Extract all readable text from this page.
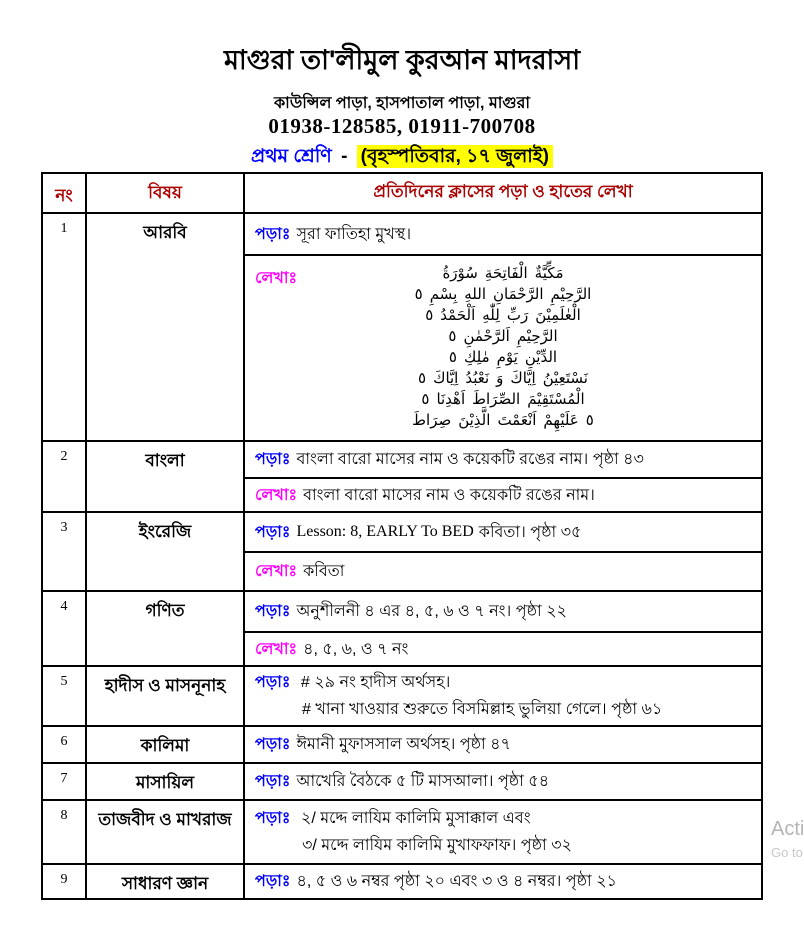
মাগুরা তা'লীমুল কুরআন মাদরাসা
কাউন্সিল পাড়া, হাসপাতাল পাড়া, মাগুরা
01938-128585, 01911-700708
প্রথম শ্রেণি - (বৃহস্পতিবার, ১৭ জুলাই)
নং	বিষয়	প্রতিদিনের ক্লাসের পড়া ও হাতের লেখা
1	আরবি	পড়াঃ সূরা ফাতিহা মুখস্থ।
লেখাঃ	سُوْرَةُ الْفَاتِحَةِ مَكِّيَّةٌ
٥ بِسْمِ اللهِ الرَّحْمَانِ الرَّحِيْمِ
٥ اَلْحَمْدُ لِلّٰهِ رَبِّ الْعٰلَمِيْنَ
٥ اَلرَّحْمٰنِ الرَّحِيْمِ
٥ مٰلِكِ يَوْمِ الدِّيْنِ
٥ اِيَّاكَ نَعْبُدُ وَ اِيَّاكَ نَسْتَعِيْنُ
٥ اَهْدِنَا الصِّرَاطَ الْمُسْتَقِيْمَ
صِرَاطَ الَّذِيْنَ اَنْعَمْتَ عَلَيْهِمْ ٥
2	বাংলা	পড়াঃ বাংলা বারো মাসের নাম ও কয়েকটি রঙের নাম। পৃষ্ঠা ৪৩
লেখাঃ বাংলা বারো মাসের নাম ও কয়েকটি রঙের নাম।
3	ইংরেজি	পড়াঃ Lesson: 8, EARLY To BED কবিতা। পৃষ্ঠা ৩৫
লেখাঃ কবিতা
4	গণিত	পড়াঃ অনুশীলনী ৪ এর ৪, ৫, ৬ ও ৭ নং। পৃষ্ঠা ২২
লেখাঃ ৪, ৫, ৬, ও ৭ নং
5	হাদীস ও মাসনূনাহ	পড়াঃ # ২৯ নং হাদীস অর্থসহ।
# খানা খাওয়ার শুরুতে বিসমিল্লাহ ভুলিয়া গেলে। পৃষ্ঠা ৬১
6	কালিমা	পড়াঃ ঈমানী মুফাসসাল অর্থসহ। পৃষ্ঠা ৪৭
7	মাসায়িল	পড়াঃ আখেরি বৈঠকে ৫ টি মাসআলা। পৃষ্ঠা ৫৪
8	তাজবীদ ও মাখরাজ	পড়াঃ ২/ মদ্দে লাযিম কালিমি মুসাক্কাল এবং
৩/ মদ্দে লাযিম কালিমি মুখাফফাফ। পৃষ্ঠা ৩২
9	সাধারণ জ্ঞান	পড়াঃ ৪, ৫ ও ৬ নম্বর পৃষ্ঠা ২০ এবং ৩ ও ৪ নম্বর। পৃষ্ঠা ২১
Acti
Go to
